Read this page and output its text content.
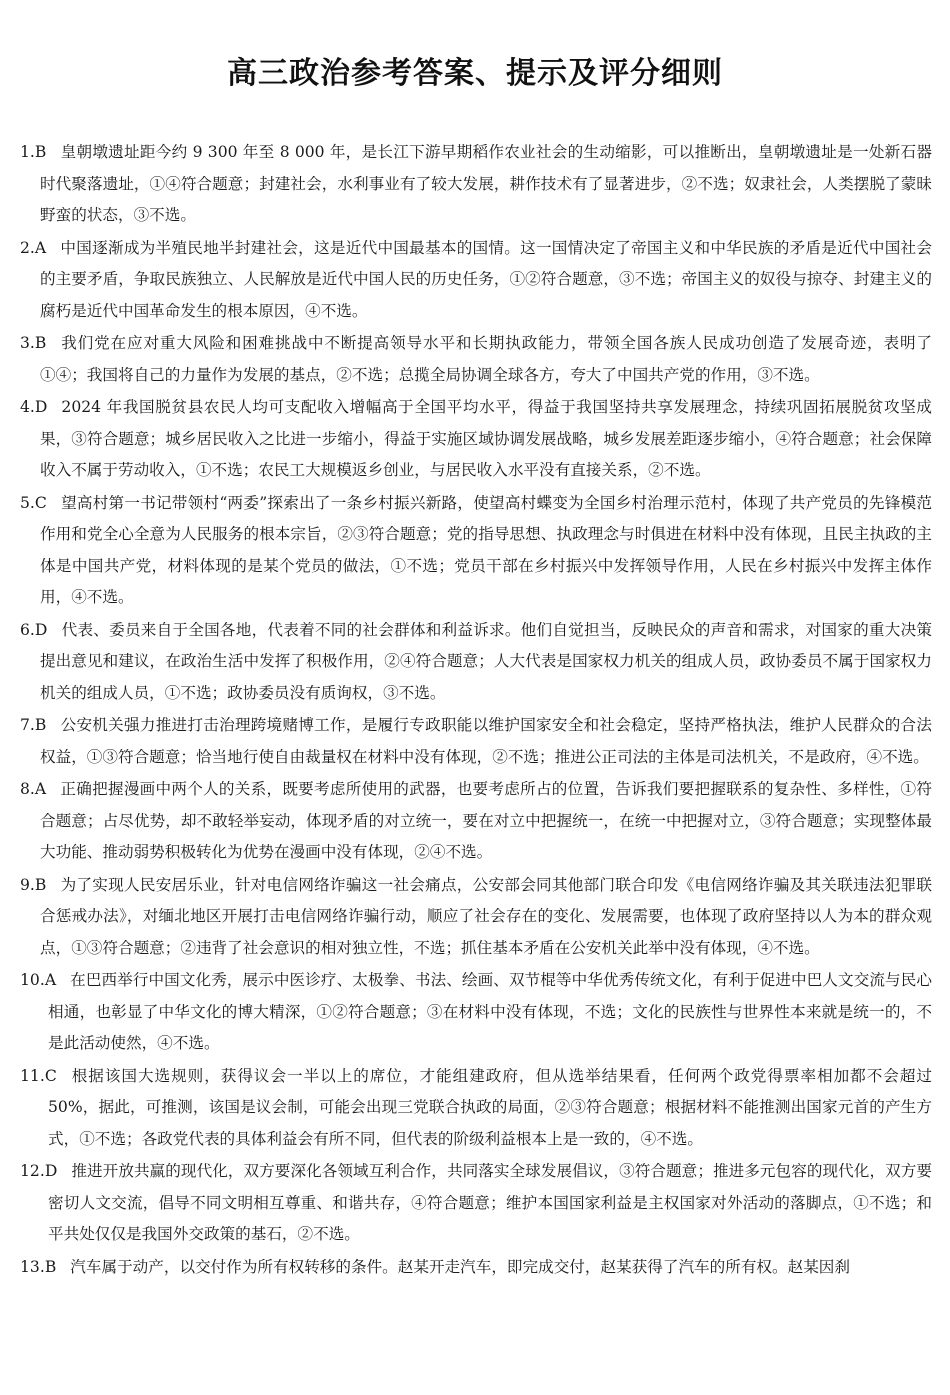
高三政治参考答案、提示及评分细则
1.B 皇朝墩遗址距今约 9 300 年至 8 000 年，是长江下游早期稻作农业社会的生动缩影，可以推断出，皇朝墩遗址是一处新石器时代聚落遗址，①④符合题意；封建社会，水利事业有了较大发展，耕作技术有了显著进步，②不选；奴隶社会，人类摆脱了蒙昧野蛮的状态，③不选。
2.A 中国逐渐成为半殖民地半封建社会，这是近代中国最基本的国情。这一国情决定了帝国主义和中华民族的矛盾是近代中国社会的主要矛盾，争取民族独立、人民解放是近代中国人民的历史任务，①②符合题意，③不选；帝国主义的奴役与掠夺、封建主义的腐朽是近代中国革命发生的根本原因，④不选。
3.B 我们党在应对重大风险和困难挑战中不断提高领导水平和长期执政能力，带领全国各族人民成功创造了发展奇迹，表明了①④；我国将自己的力量作为发展的基点，②不选；总揽全局协调全球各方，夸大了中国共产党的作用，③不选。
4.D 2024 年我国脱贫县农民人均可支配收入增幅高于全国平均水平，得益于我国坚持共享发展理念，持续巩固拓展脱贫攻坚成果，③符合题意；城乡居民收入之比进一步缩小，得益于实施区域协调发展战略，城乡发展差距逐步缩小，④符合题意；社会保障收入不属于劳动收入，①不选；农民工大规模返乡创业，与居民收入水平没有直接关系，②不选。
5.C 望高村第一书记带领村“两委”探索出了一条乡村振兴新路，使望高村蝶变为全国乡村治理示范村，体现了共产党员的先锋模范作用和党全心全意为人民服务的根本宗旨，②③符合题意；党的指导思想、执政理念与时俱进在材料中没有体现，且民主执政的主体是中国共产党，材料体现的是某个党员的做法，①不选；党员干部在乡村振兴中发挥领导作用，人民在乡村振兴中发挥主体作用，④不选。
6.D 代表、委员来自于全国各地，代表着不同的社会群体和利益诉求。他们自觉担当，反映民众的声音和需求，对国家的重大决策提出意见和建议，在政治生活中发挥了积极作用，②④符合题意；人大代表是国家权力机关的组成人员，政协委员不属于国家权力机关的组成人员，①不选；政协委员没有质询权，③不选。
7.B 公安机关强力推进打击治理跨境赌博工作，是履行专政职能以维护国家安全和社会稳定，坚持严格执法，维护人民群众的合法权益，①③符合题意；恰当地行使自由裁量权在材料中没有体现，②不选；推进公正司法的主体是司法机关，不是政府，④不选。
8.A 正确把握漫画中两个人的关系，既要考虑所使用的武器，也要考虑所占的位置，告诉我们要把握联系的复杂性、多样性，①符合题意；占尽优势，却不敢轻举妄动，体现矛盾的对立统一，要在对立中把握统一，在统一中把握对立，③符合题意；实现整体最大功能、推动弱势积极转化为优势在漫画中没有体现，②④不选。
9.B 为了实现人民安居乐业，针对电信网络诈骗这一社会痛点，公安部会同其他部门联合印发《电信网络诈骗及其关联违法犯罪联合惩戒办法》，对缅北地区开展打击电信网络诈骗行动，顺应了社会存在的变化、发展需要，也体现了政府坚持以人为本的群众观点，①③符合题意；②违背了社会意识的相对独立性，不选；抓住基本矛盾在公安机关此举中没有体现，④不选。
10.A 在巴西举行中国文化秀，展示中医诊疗、太极拳、书法、绘画、双节棍等中华优秀传统文化，有利于促进中巴人文交流与民心相通，也彰显了中华文化的博大精深，①②符合题意；③在材料中没有体现，不选；文化的民族性与世界性本来就是统一的，不是此活动使然，④不选。
11.C 根据该国大选规则，获得议会一半以上的席位，才能组建政府，但从选举结果看，任何两个政党得票率相加都不会超过 50%，据此，可推测，该国是议会制，可能会出现三党联合执政的局面，②③符合题意；根据材料不能推测出国家元首的产生方式，①不选；各政党代表的具体利益会有所不同，但代表的阶级利益根本上是一致的，④不选。
12.D 推进开放共赢的现代化，双方要深化各领域互利合作，共同落实全球发展倡议，③符合题意；推进多元包容的现代化，双方要密切人文交流，倡导不同文明相互尊重、和谐共存，④符合题意；维护本国国家利益是主权国家对外活动的落脚点，①不选；和平共处仅仅是我国外交政策的基石，②不选。
13.B 汽车属于动产，以交付作为所有权转移的条件。赵某开走汽车，即完成交付，赵某获得了汽车的所有权。赵某因刹
